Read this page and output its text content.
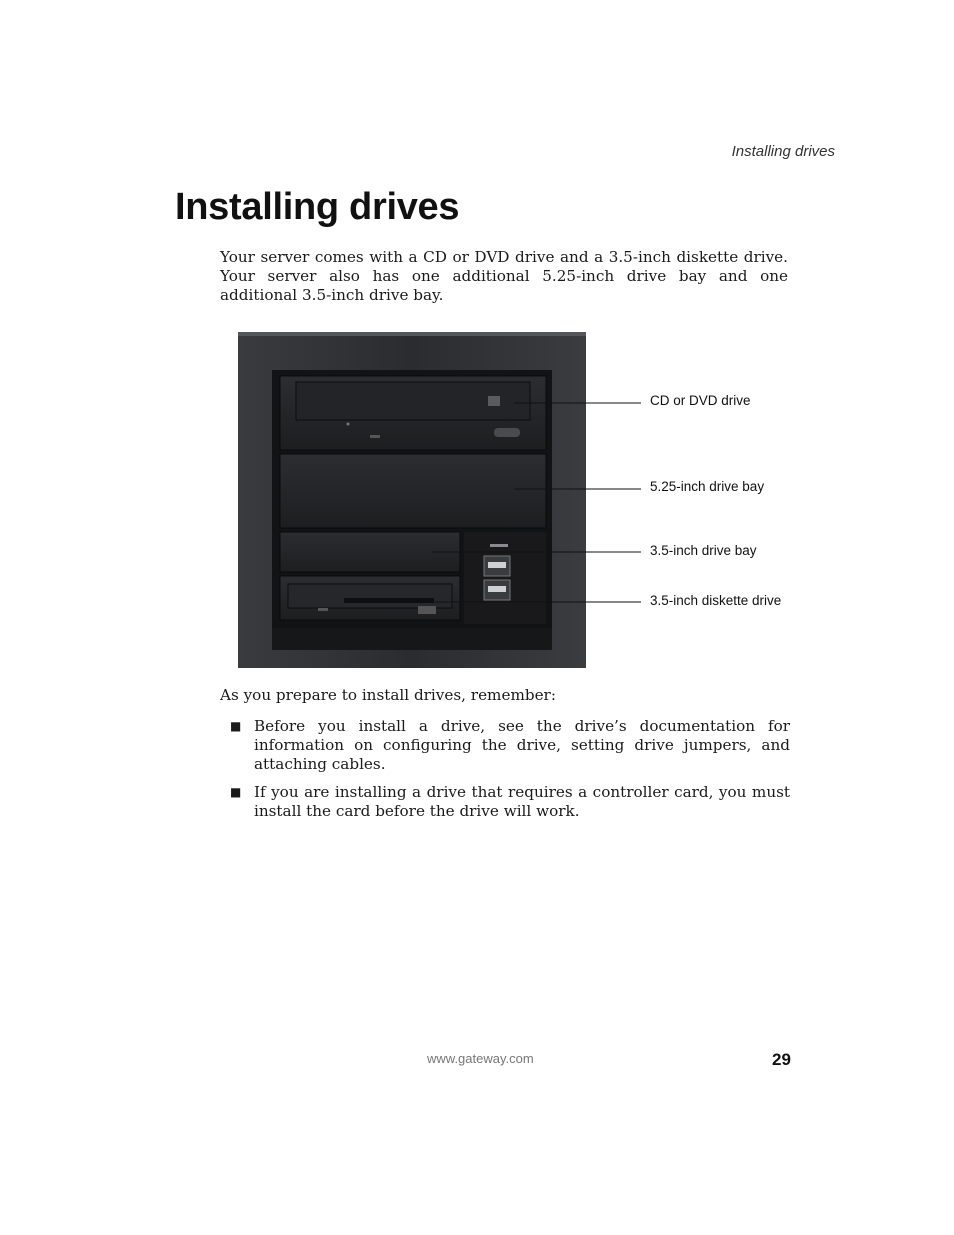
Installing drives
Installing drives

Your server comes with a CD or DVD drive and a 3.5-inch diskette drive. Your server also has one additional 5.25-inch drive bay and one additional 3.5-inch drive bay.

CD or DVD drive
5.25-inch drive bay
3.5-inch drive bay
3.5-inch diskette drive

As you prepare to install drives, remember:

■ Before you install a drive, see the drive’s documentation for information on configuring the drive, setting drive jumpers, and attaching cables.
■ If you are installing a drive that requires a controller card, you must install the card before the drive will work.
www.gateway.com	29
